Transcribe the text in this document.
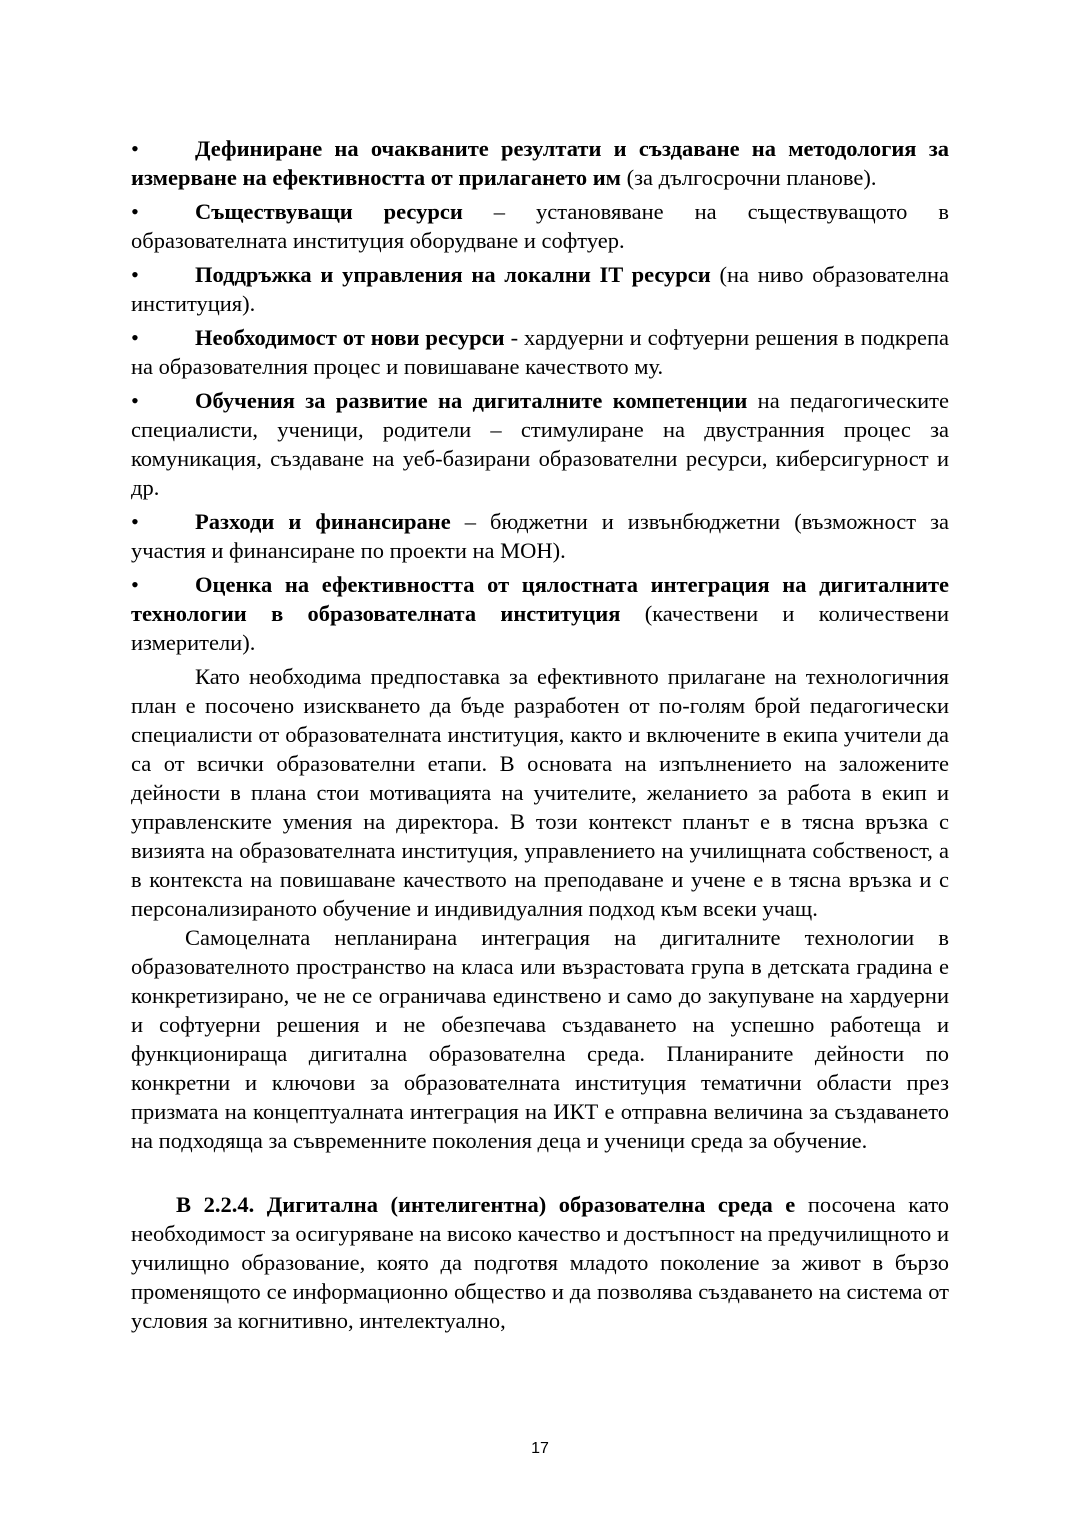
•	Дефиниране на очакваните резултати и създаване на методология за измерване на ефективността от прилагането им (за дългосрочни планове).
•	Съществуващи ресурси – установяване на съществуващото в образователната институция оборудване и софтуер.
•	Поддръжка и управления на локални IT ресурси (на ниво образователна институция).
•	Необходимост от нови ресурси - хардуерни и софтуерни решения в подкрепа на образователния процес и повишаване качеството му.
•	Обучения за развитие на дигиталните компетенции на педагогическите специалисти, ученици, родители – стимулиране на двустранния процес за комуникация, създаване на уеб-базирани образователни ресурси, киберсигурност и др.
•	Разходи и финансиране – бюджетни и извънбюджетни (възможност за участия и финансиране по проекти на МОН).
•	Оценка на ефективността от цялостната интеграция на дигиталните технологии в образователната институция (качествени и количествени измерители).

Като необходима предпоставка за ефективното прилагане на технологичния план е посочено изискването да бъде разработен от по-голям брой педагогически специалисти от образователната институция, както и включените в екипа учители да са от всички образователни етапи. В основата на изпълнението на заложените дейности в плана стои мотивацията на учителите, желанието за работа в екип и управленските умения на директора. В този контекст планът е в тясна връзка с визията на образователната институция, управлението на училищната собственост, а в контекста на повишаване качеството на преподаване и учене е в тясна връзка и с персонализираното обучение и индивидуалния подход към всеки учащ.

Самоцелната непланирана интеграция на дигиталните технологии в образователното пространство на класа или възрастовата група в детската градина е конкретизирано, че не се ограничава единствено и само до закупуване на хардуерни и софтуерни решения и не обезпечава създаването на успешно работеща и функционираща дигитална образователна среда. Планираните дейности по конкретни и ключови за образователната институция тематични области през призмата на концептуалната интеграция на ИКТ е отправна величина за създаването на подходяща за съвременните поколения деца и ученици среда за обучение.

В 2.2.4. Дигитална (интелигентна) образователна среда е посочена като необходимост за осигуряване на високо качество и достъпност на предучилищното и училищно образование, която да подготвя младото поколение за живот в бързо променящото се информационно общество и да позволява създаването на система от условия за когнитивно, интелектуално,

17
